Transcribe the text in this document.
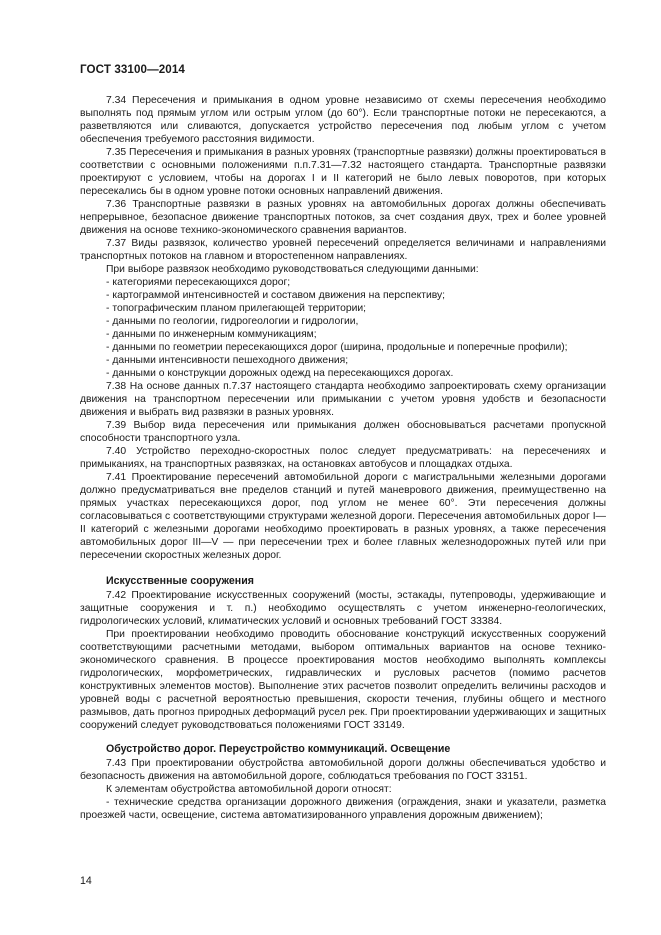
ГОСТ 33100—2014

7.34 Пересечения и примыкания в одном уровне независимо от схемы пересечения необходимо выполнять под прямым углом или острым углом (до 60°). Если транспортные потоки не пересекаются, а разветвляются или сливаются, допускается устройство пересечения под любым углом с учетом обеспечения требуемого расстояния видимости.

7.35 Пересечения и примыкания в разных уровнях (транспортные развязки) должны проектироваться в соответствии с основными положениями п.п.7.31—7.32 настоящего стандарта. Транспортные развязки проектируют с условием, чтобы на дорогах I и II категорий не было левых поворотов, при которых пересекались бы в одном уровне потоки основных направлений движения.

7.36 Транспортные развязки в разных уровнях на автомобильных дорогах должны обеспечивать непрерывное, безопасное движение транспортных потоков, за счет создания двух, трех и более уровней движения на основе технико-экономического сравнения вариантов.

7.37 Виды развязок, количество уровней пересечений определяется величинами и направлениями транспортных потоков на главном и второстепенном направлениях.

При выборе развязок необходимо руководствоваться следующими данными:

- категориями пересекающихся дорог;

- картограммой интенсивностей и составом движения на перспективу;

- топографическим планом прилегающей территории;

- данными по геологии, гидрогеологии и гидрологии,

- данными по инженерным коммуникациям;

- данными по геометрии пересекающихся дорог (ширина, продольные и поперечные профили);

- данными интенсивности пешеходного движения;

- данными о конструкции дорожных одежд на пересекающихся дорогах.

7.38 На основе данных п.7.37 настоящего стандарта необходимо запроектировать схему организации движения на транспортном пересечении или примыкании с учетом уровня удобств и безопасности движения и выбрать вид развязки в разных уровнях.

7.39 Выбор вида пересечения или примыкания должен обосновываться расчетами пропускной способности транспортного узла.

7.40 Устройство переходно-скоростных полос следует предусматривать: на пересечениях и примыканиях, на транспортных развязках, на остановках автобусов и площадках отдыха.

7.41 Проектирование пересечений автомобильной дороги с магистральными железными дорогами должно предусматриваться вне пределов станций и путей маневрового движения, преимущественно на прямых участках пересекающихся дорог, под углом не менее 60°. Эти пересечения должны согласовываться с соответствующими структурами железной дороги. Пересечения автомобильных дорог I—II категорий с железными дорогами необходимо проектировать в разных уровнях, а также пересечения автомобильных дорог III—V — при пересечении трех и более главных железнодорожных путей или при пересечении скоростных железных дорог.

Искусственные сооружения

7.42 Проектирование искусственных сооружений (мосты, эстакады, путепроводы, удерживающие и защитные сооружения и т. п.) необходимо осуществлять с учетом инженерно-геологических, гидрологических условий, климатических условий и основных требований ГОСТ 33384.

При проектировании необходимо проводить обоснование конструкций искусственных сооружений соответствующими расчетными методами, выбором оптимальных вариантов на основе технико-экономического сравнения. В процессе проектирования мостов необходимо выполнять комплексы гидрологических, морфометрических, гидравлических и русловых расчетов (помимо расчетов конструктивных элементов мостов). Выполнение этих расчетов позволит определить величины расходов и уровней воды с расчетной вероятностью превышения, скорости течения, глубины общего и местного размывов, дать прогноз природных деформаций русел рек. При проектировании удерживающих и защитных сооружений следует руководствоваться положениями ГОСТ 33149.

Обустройство дорог. Переустройство коммуникаций. Освещение

7.43 При проектировании обустройства автомобильной дороги должны обеспечиваться удобство и безопасность движения на автомобильной дороге, соблюдаться требования по ГОСТ 33151.

К элементам обустройства автомобильной дороги относят:

- технические средства организации дорожного движения (ограждения, знаки и указатели, разметка проезжей части, освещение, система автоматизированного управления дорожным движением);

14
